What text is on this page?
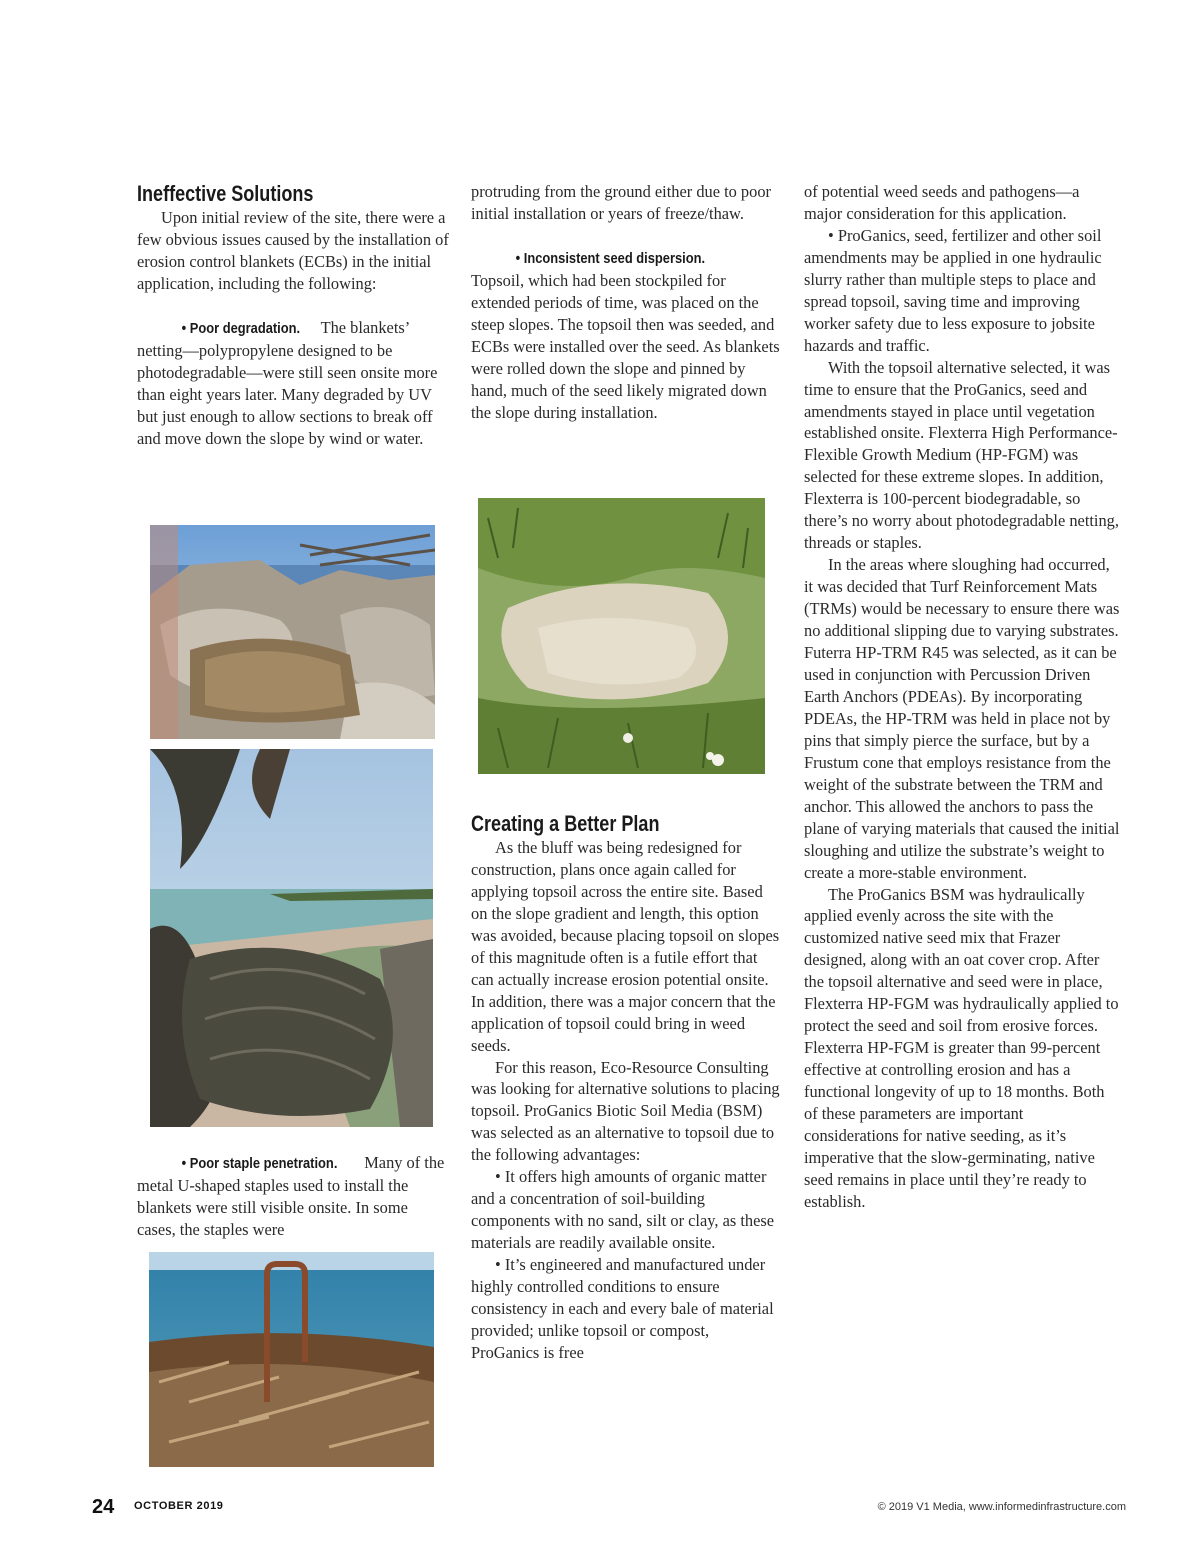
Ineffective Solutions

Upon initial review of the site, there were a few obvious issues caused by the installation of erosion control blankets (ECBs) in the initial application, including the following:

• Poor degradation. The blankets’ netting—polypropylene designed to be photodegradable—were still seen onsite more than eight years later. Many degraded by UV but just enough to allow sections to break off and move down the slope by wind or water.

• Poor staple penetration. Many of the metal U-shaped staples used to install the blankets were still visible onsite. In some cases, the staples were

protruding from the ground either due to poor initial installation or years of freeze/thaw.

• Inconsistent seed dispersion.

Topsoil, which had been stockpiled for extended periods of time, was placed on the steep slopes. The topsoil then was seeded, and ECBs were installed over the seed. As blankets were rolled down the slope and pinned by hand, much of the seed likely migrated down the slope during installation.

Creating a Better Plan

As the bluff was being redesigned for construction, plans once again called for applying topsoil across the entire site. Based on the slope gradient and length, this option was avoided, because placing topsoil on slopes of this magnitude often is a futile effort that can actually increase erosion potential onsite. In addition, there was a major concern that the application of topsoil could bring in weed seeds.

For this reason, Eco-Resource Consulting was looking for alternative solutions to placing topsoil. ProGanics Biotic Soil Media (BSM) was selected as an alternative to topsoil due to the following advantages:

• It offers high amounts of organic matter and a concentration of soil-building components with no sand, silt or clay, as these materials are readily available onsite.

• It’s engineered and manufactured under highly controlled conditions to ensure consistency in each and every bale of material provided; unlike topsoil or compost, ProGanics is free

of potential weed seeds and pathogens—a major consideration for this application.

• ProGanics, seed, fertilizer and other soil amendments may be applied in one hydraulic slurry rather than multiple steps to place and spread topsoil, saving time and improving worker safety due to less exposure to jobsite hazards and traffic.

With the topsoil alternative selected, it was time to ensure that the ProGanics, seed and amendments stayed in place until vegetation established onsite. Flexterra High Performance-Flexible Growth Medium (HP-FGM) was selected for these extreme slopes. In addition, Flexterra is 100-percent biodegradable, so there’s no worry about photodegradable netting, threads or staples.

In the areas where sloughing had occurred, it was decided that Turf Reinforcement Mats (TRMs) would be necessary to ensure there was no additional slipping due to varying substrates. Futerra HP-TRM R45 was selected, as it can be used in conjunction with Percussion Driven Earth Anchors (PDEAs). By incorporating PDEAs, the HP-TRM was held in place not by pins that simply pierce the surface, but by a Frustum cone that employs resistance from the weight of the substrate between the TRM and anchor. This allowed the anchors to pass the plane of varying materials that caused the initial sloughing and utilize the substrate’s weight to create a more-stable environment.

The ProGanics BSM was hydraulically applied evenly across the site with the customized native seed mix that Frazer designed, along with an oat cover crop. After the topsoil alternative and seed were in place, Flexterra HP-FGM was hydraulically applied to protect the seed and soil from erosive forces. Flexterra HP-FGM is greater than 99-percent effective at controlling erosion and has a functional longevity of up to 18 months. Both of these parameters are important considerations for native seeding, as it’s imperative that the slow-germinating, native seed remains in place until they’re ready to establish.

24 OCTOBER 2019	© 2019 V1 Media, www.informedinfrastructure.com
